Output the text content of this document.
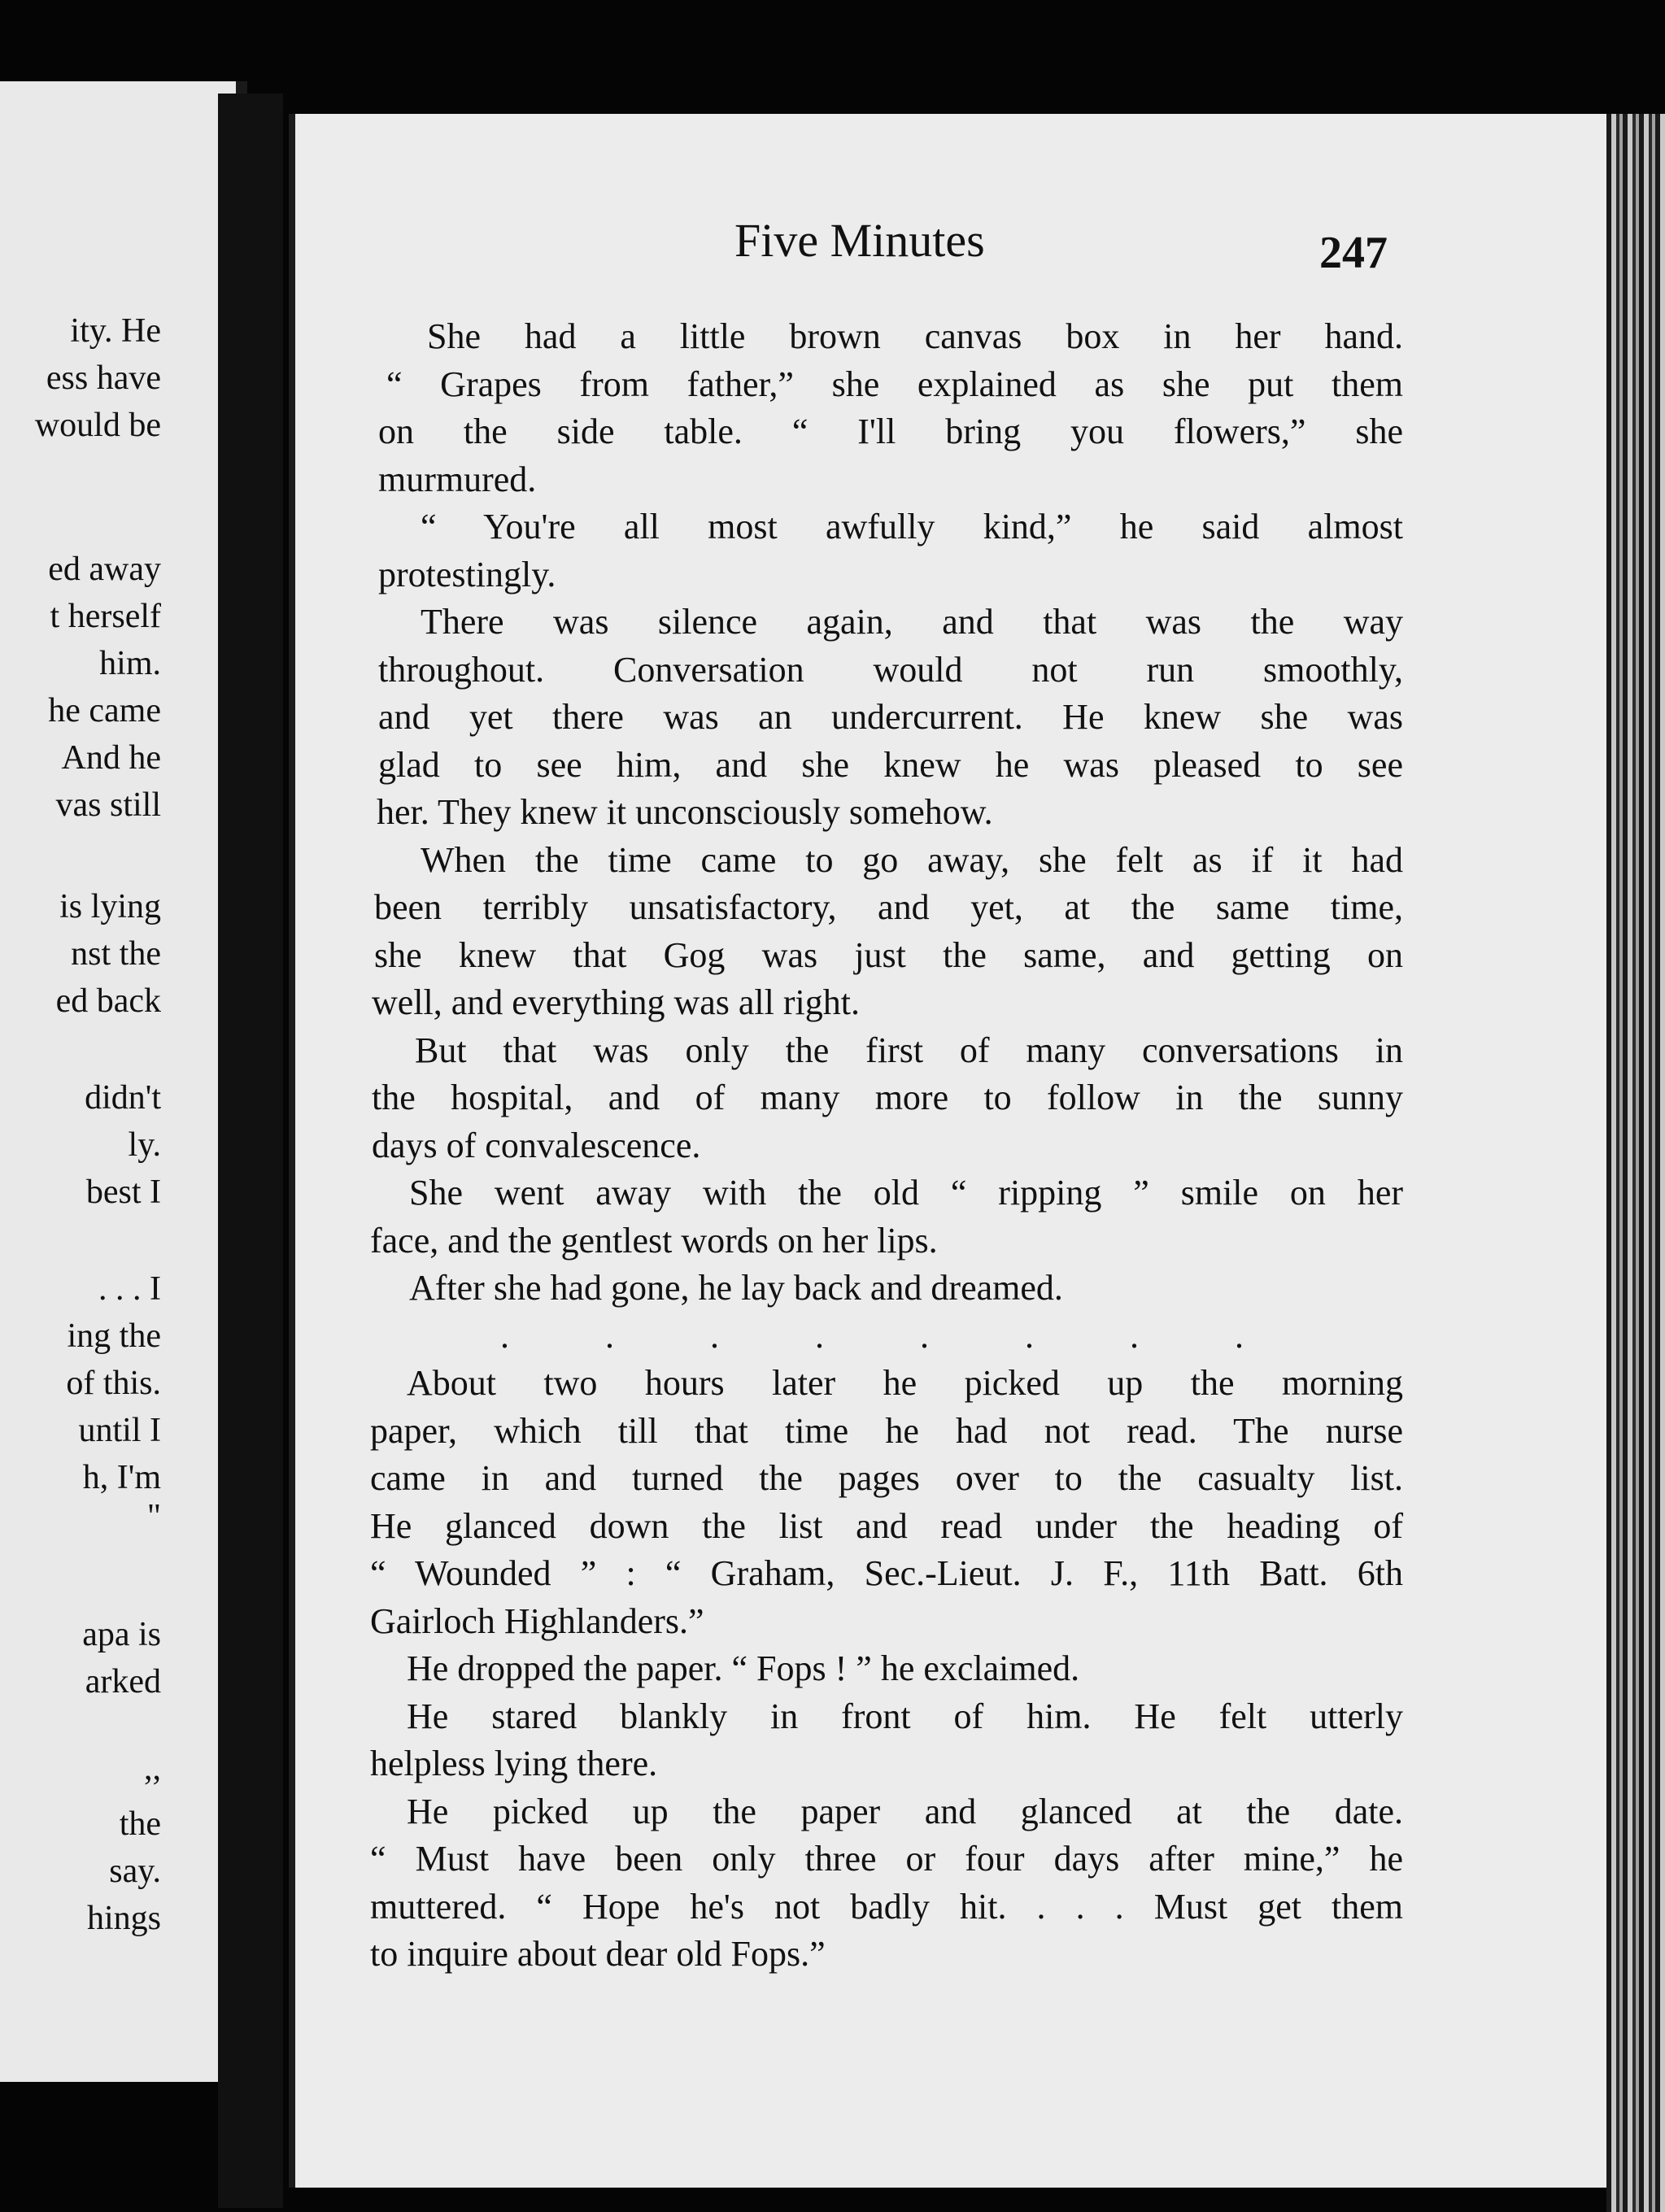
ity. He
ess have
would be
ed away
t herself
him.
he came
And he
vas still
is lying
nst the
ed back
didn't
ly.
best I
. . . I
ing the
of this.
until I
h, I'm
"
apa is
arked
,,
the
say.
hings
Five Minutes	247
She had a little brown canvas box in her hand.
“ Grapes from father,” she explained as she put them
on the side table. “ I'll bring you flowers,” she
murmured.
“ You're all most awfully kind,” he said almost
protestingly.
There was silence again, and that was the way
throughout. Conversation would not run smoothly,
and yet there was an undercurrent. He knew she was
glad to see him, and she knew he was pleased to see
her. They knew it unconsciously somehow.
When the time came to go away, she felt as if it had
been terribly unsatisfactory, and yet, at the same time,
she knew that Gog was just the same, and getting on
well, and everything was all right.
But that was only the first of many conversations in
the hospital, and of many more to follow in the sunny
days of convalescence.
She went away with the old “ ripping ” smile on her
face, and the gentlest words on her lips.
After she had gone, he lay back and dreamed.
........
About two hours later he picked up the morning
paper, which till that time he had not read. The nurse
came in and turned the pages over to the casualty list.
He glanced down the list and read under the heading of
“ Wounded ” : “ Graham, Sec.-Lieut. J. F., 11th Batt. 6th
Gairloch Highlanders.”
He dropped the paper. “ Fops ! ” he exclaimed.
He stared blankly in front of him. He felt utterly
helpless lying there.
He picked up the paper and glanced at the date.
“ Must have been only three or four days after mine,” he
muttered. “ Hope he's not badly hit. . . . Must get them
to inquire about dear old Fops.”
